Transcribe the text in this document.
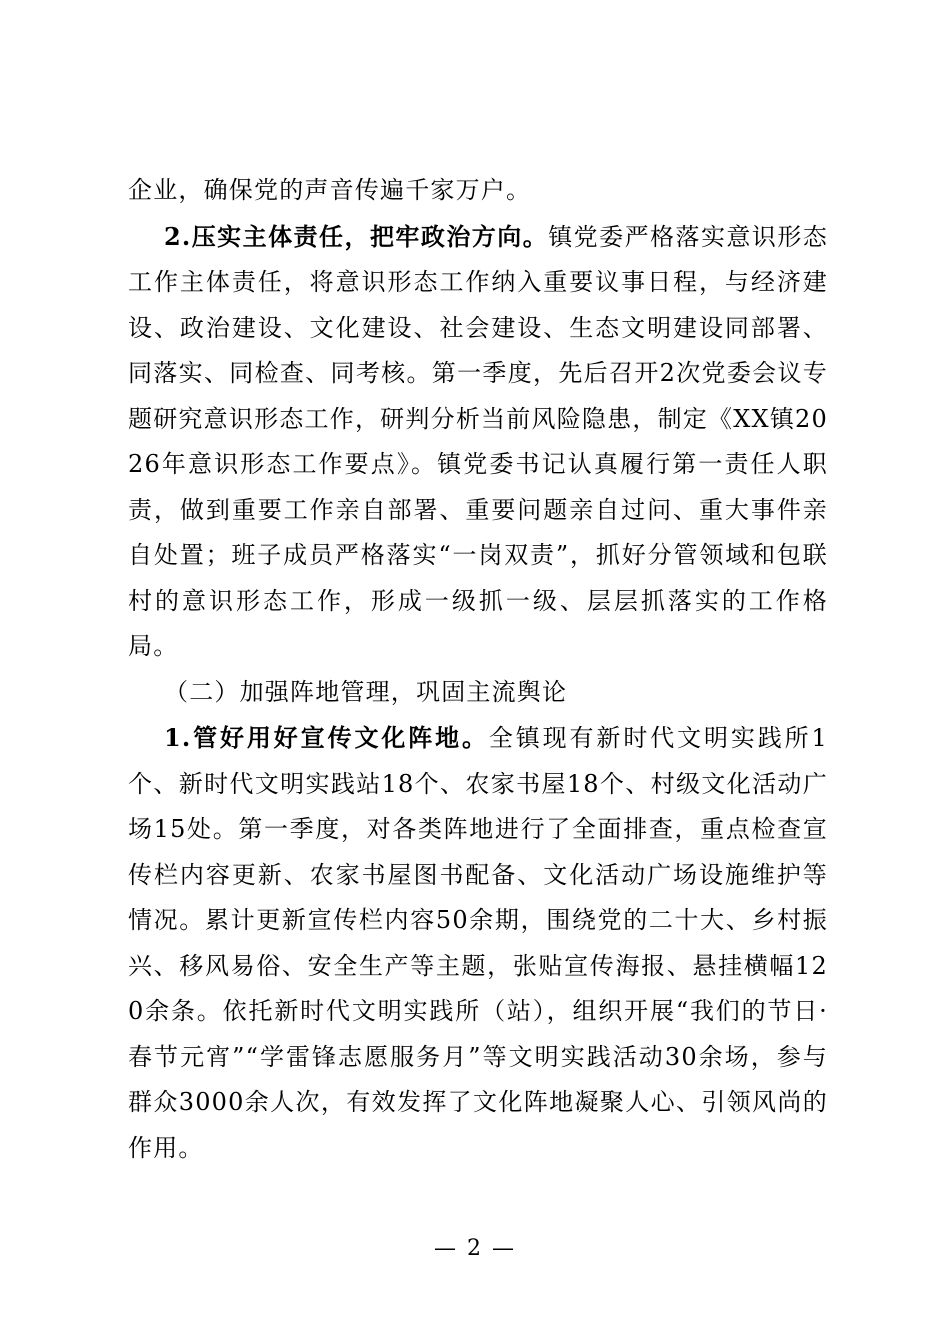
企业，确保党的声音传遍千家万户。

2.压实主体责任，把牢政治方向。镇党委严格落实意识形态工作主体责任，将意识形态工作纳入重要议事日程，与经济建设、政治建设、文化建设、社会建设、生态文明建设同部署、同落实、同检查、同考核。第一季度，先后召开2次党委会议专题研究意识形态工作，研判分析当前风险隐患，制定《XX镇2026年意识形态工作要点》。镇党委书记认真履行第一责任人职责，做到重要工作亲自部署、重要问题亲自过问、重大事件亲自处置；班子成员严格落实“一岗双责”，抓好分管领域和包联村的意识形态工作，形成一级抓一级、层层抓落实的工作格局。

（二）加强阵地管理，巩固主流舆论

1.管好用好宣传文化阵地。全镇现有新时代文明实践所1个、新时代文明实践站18个、农家书屋18个、村级文化活动广场15处。第一季度，对各类阵地进行了全面排查，重点检查宣传栏内容更新、农家书屋图书配备、文化活动广场设施维护等情况。累计更新宣传栏内容50余期，围绕党的二十大、乡村振兴、移风易俗、安全生产等主题，张贴宣传海报、悬挂横幅120余条。依托新时代文明实践所（站），组织开展“我们的节日·春节元宵”“学雷锋志愿服务月”等文明实践活动30余场，参与群众3000余人次，有效发挥了文化阵地凝聚人心、引领风尚的作用。

— 2 —
